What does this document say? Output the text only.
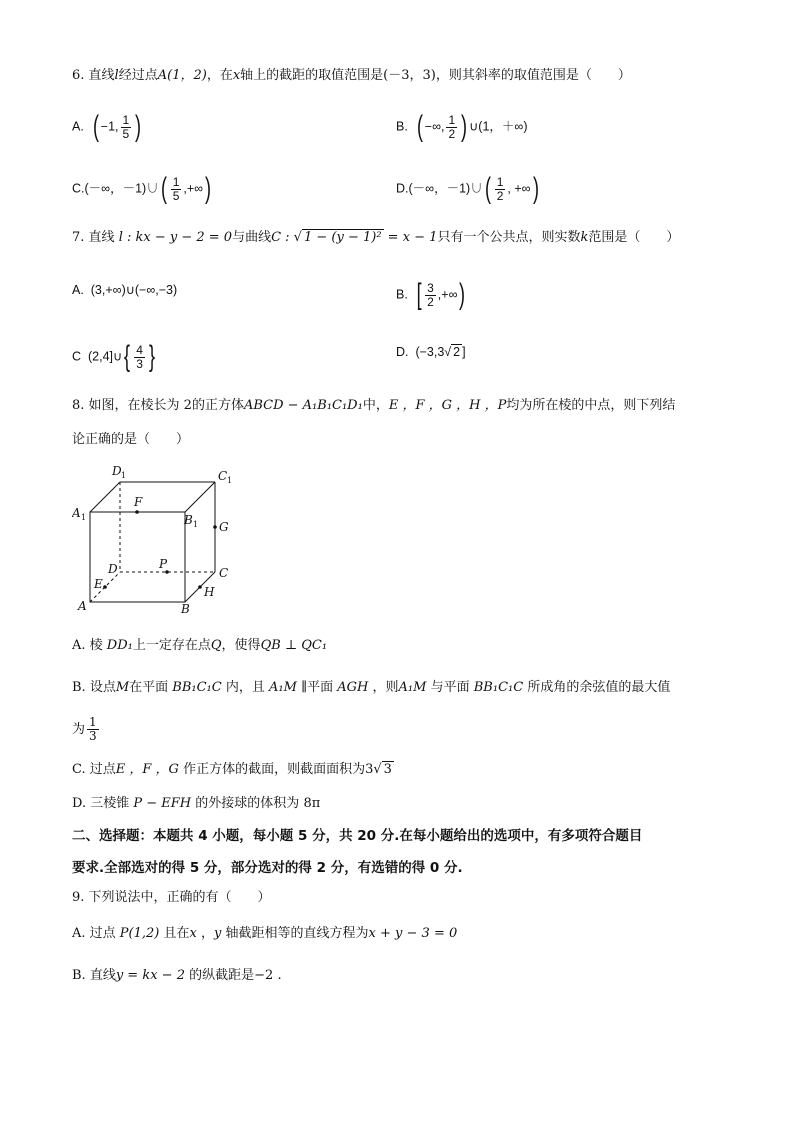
6. 直线l经过点A(1，2)，在x轴上的截距的取值范围是(－3，3)，则其斜率的取值范围是（　　）
A. ( −1, $\frac{1}{5}$ )	B. ( −∞, $\frac{1}{2}$ ) ∪(1，＋∞)
C.(－∞，－1)∪( $\frac{1}{5}$ ,+∞)	D.(－∞，－1)∪( $\frac{1}{2}$ , +∞)
7. 直线 l : kx − y − 2 = 0与曲线C : √ 1 − (y − 1)² = x − 1只有一个公共点，则实数k范围是（　　）
A. (3,+∞)∪(−∞,−3)	B. [ $\frac{3}{2}$ ,+∞)
C (2,4]∪{ $\frac{4}{3}$ }	D. (−3,3√ 2 ]
8. 如图，在棱长为 2的正方体ABCD − A₁B₁C₁D₁中，E ，F ，G ，H ，P均为所在棱的中点，则下列结
论正确的是（　　）
D 1	C 1
A 1	B 1
F
G
D	P
C
E
H
A	B
A. 棱 DD₁上一定存在点Q，使得QB ⊥ QC₁
B. 设点M在平面 BB₁C₁C 内，且 A₁M ∥平面 AGH ，则A₁M 与平面 BB₁C₁C 所成角的余弦值的最大值
为 $\frac{1}{3}$
C. 过点E ，F ，G 作正方体的截面，则截面面积为3√ 3
D. 三棱锥 P − EFH 的外接球的体积为 8π
二、选择题：本题共 4 小题，每小题 5 分，共 20 分.在每小题给出的选项中，有多项符合题目
要求.全部选对的得 5 分，部分选对的得 2 分，有选错的得 0 分.
9. 下列说法中，正确的有（　　）
A. 过点 P(1,2) 且在x ，y 轴截距相等的直线方程为x + y − 3 = 0
B. 直线y = kx − 2 的纵截距是−2 .
